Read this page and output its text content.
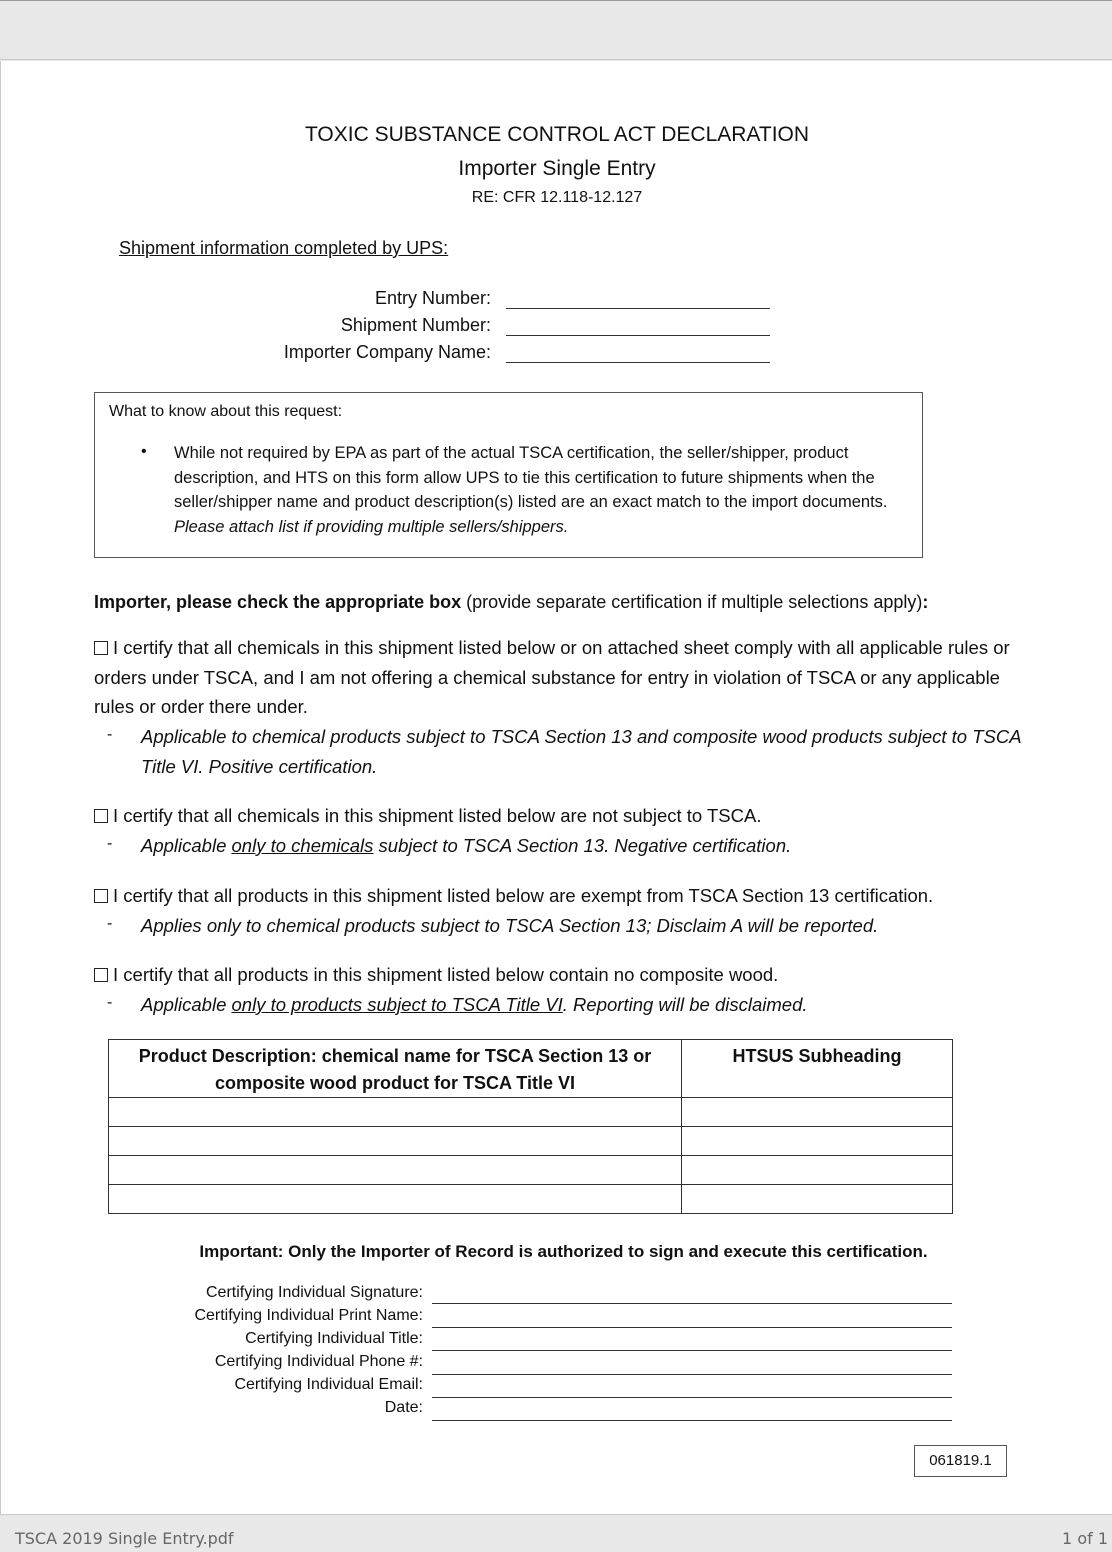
TOXIC SUBSTANCE CONTROL ACT DECLARATION
Importer Single Entry
RE: CFR 12.118-12.127
Shipment information completed by UPS:
Entry Number:
Shipment Number:
Importer Company Name:
What to know about this request:
• While not required by EPA as part of the actual TSCA certification, the seller/shipper, product description, and HTS on this form allow UPS to tie this certification to future shipments when the seller/shipper name and product description(s) listed are an exact match to the import documents.  Please attach list if providing multiple sellers/shippers.
Importer, please check the appropriate box (provide separate certification if multiple selections apply):
I certify that all chemicals in this shipment listed below or on attached sheet comply with all applicable rules or orders under TSCA, and I am not offering a chemical substance for entry in violation of TSCA or any applicable rules or order there under.
- Applicable to chemical products subject to TSCA Section 13 and composite wood products subject to TSCA Title VI. Positive certification.
I certify that all chemicals in this shipment listed below are not subject to TSCA.
- Applicable only to chemicals subject to TSCA Section 13. Negative certification.
I certify that all products in this shipment listed below are exempt from TSCA Section 13 certification.
- Applies only to chemical products subject to TSCA Section 13; Disclaim A will be reported.
I certify that all products in this shipment listed below contain no composite wood.
- Applicable only to products subject to TSCA Title VI. Reporting will be disclaimed.
Product Description: chemical name for TSCA Section 13 or composite wood product for TSCA Title VI	HTSUS Subheading

Important: Only the Importer of Record is authorized to sign and execute this certification.
Certifying Individual Signature:
Certifying Individual Print Name:
Certifying Individual Title:
Certifying Individual Phone #:
Certifying Individual Email:
Date:
061819.1
TSCA 2019 Single Entry.pdf	1 of 1
